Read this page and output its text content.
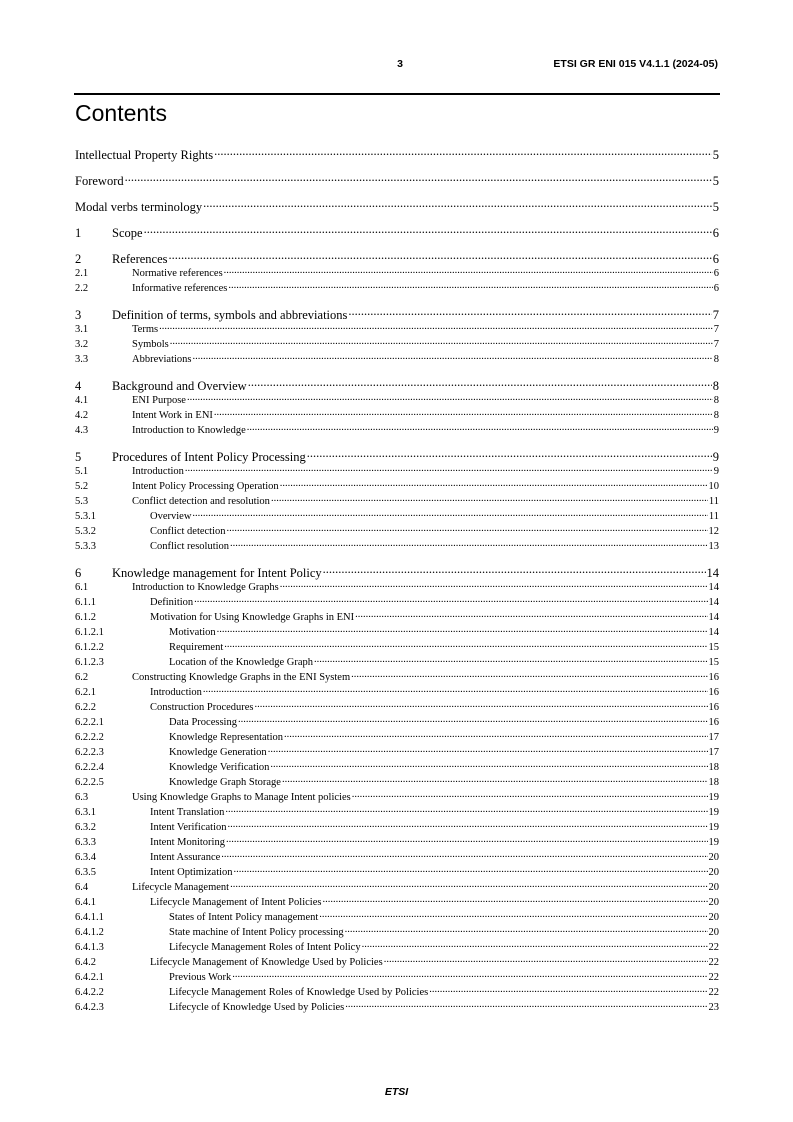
3	ETSI GR ENI 015 V4.1.1 (2024-05)
Contents
Intellectual Property Rights .....	5
Foreword .....	5
Modal verbs terminology .....	5
1	Scope .....	6
2	References .....	6
2.1	Normative references .....	6
2.2	Informative references .....	6
3	Definition of terms, symbols and abbreviations .....	7
3.1	Terms .....	7
3.2	Symbols .....	7
3.3	Abbreviations .....	8
4	Background and Overview .....	8
4.1	ENI Purpose .....	8
4.2	Intent Work in ENI .....	8
4.3	Introduction to Knowledge .....	9
5	Procedures of Intent Policy Processing .....	9
5.1	Introduction .....	9
5.2	Intent Policy Processing Operation .....	10
5.3	Conflict detection and resolution .....	11
5.3.1	Overview .....	11
5.3.2	Conflict detection .....	12
5.3.3	Conflict resolution .....	13
6	Knowledge management for Intent Policy .....	14
6.1	Introduction to Knowledge Graphs .....	14
6.1.1	Definition .....	14
6.1.2	Motivation for Using Knowledge Graphs in ENI .....	14
6.1.2.1	Motivation .....	14
6.1.2.2	Requirement .....	15
6.1.2.3	Location of the Knowledge Graph .....	15
6.2	Constructing Knowledge Graphs in the ENI System .....	16
6.2.1	Introduction .....	16
6.2.2	Construction Procedures .....	16
6.2.2.1	Data Processing .....	16
6.2.2.2	Knowledge Representation .....	17
6.2.2.3	Knowledge Generation .....	17
6.2.2.4	Knowledge Verification .....	18
6.2.2.5	Knowledge Graph Storage .....	18
6.3	Using Knowledge Graphs to Manage Intent policies .....	19
6.3.1	Intent Translation .....	19
6.3.2	Intent Verification .....	19
6.3.3	Intent Monitoring .....	19
6.3.4	Intent Assurance .....	20
6.3.5	Intent Optimization .....	20
6.4	Lifecycle Management .....	20
6.4.1	Lifecycle Management of Intent Policies .....	20
6.4.1.1	States of Intent Policy management .....	20
6.4.1.2	State machine of Intent Policy processing .....	20
6.4.1.3	Lifecycle Management Roles of Intent Policy .....	22
6.4.2	Lifecycle Management of Knowledge Used by Policies .....	22
6.4.2.1	Previous Work .....	22
6.4.2.2	Lifecycle Management Roles of Knowledge Used by Policies .....	22
6.4.2.3	Lifecycle of Knowledge Used by Policies .....	23
ETSI
